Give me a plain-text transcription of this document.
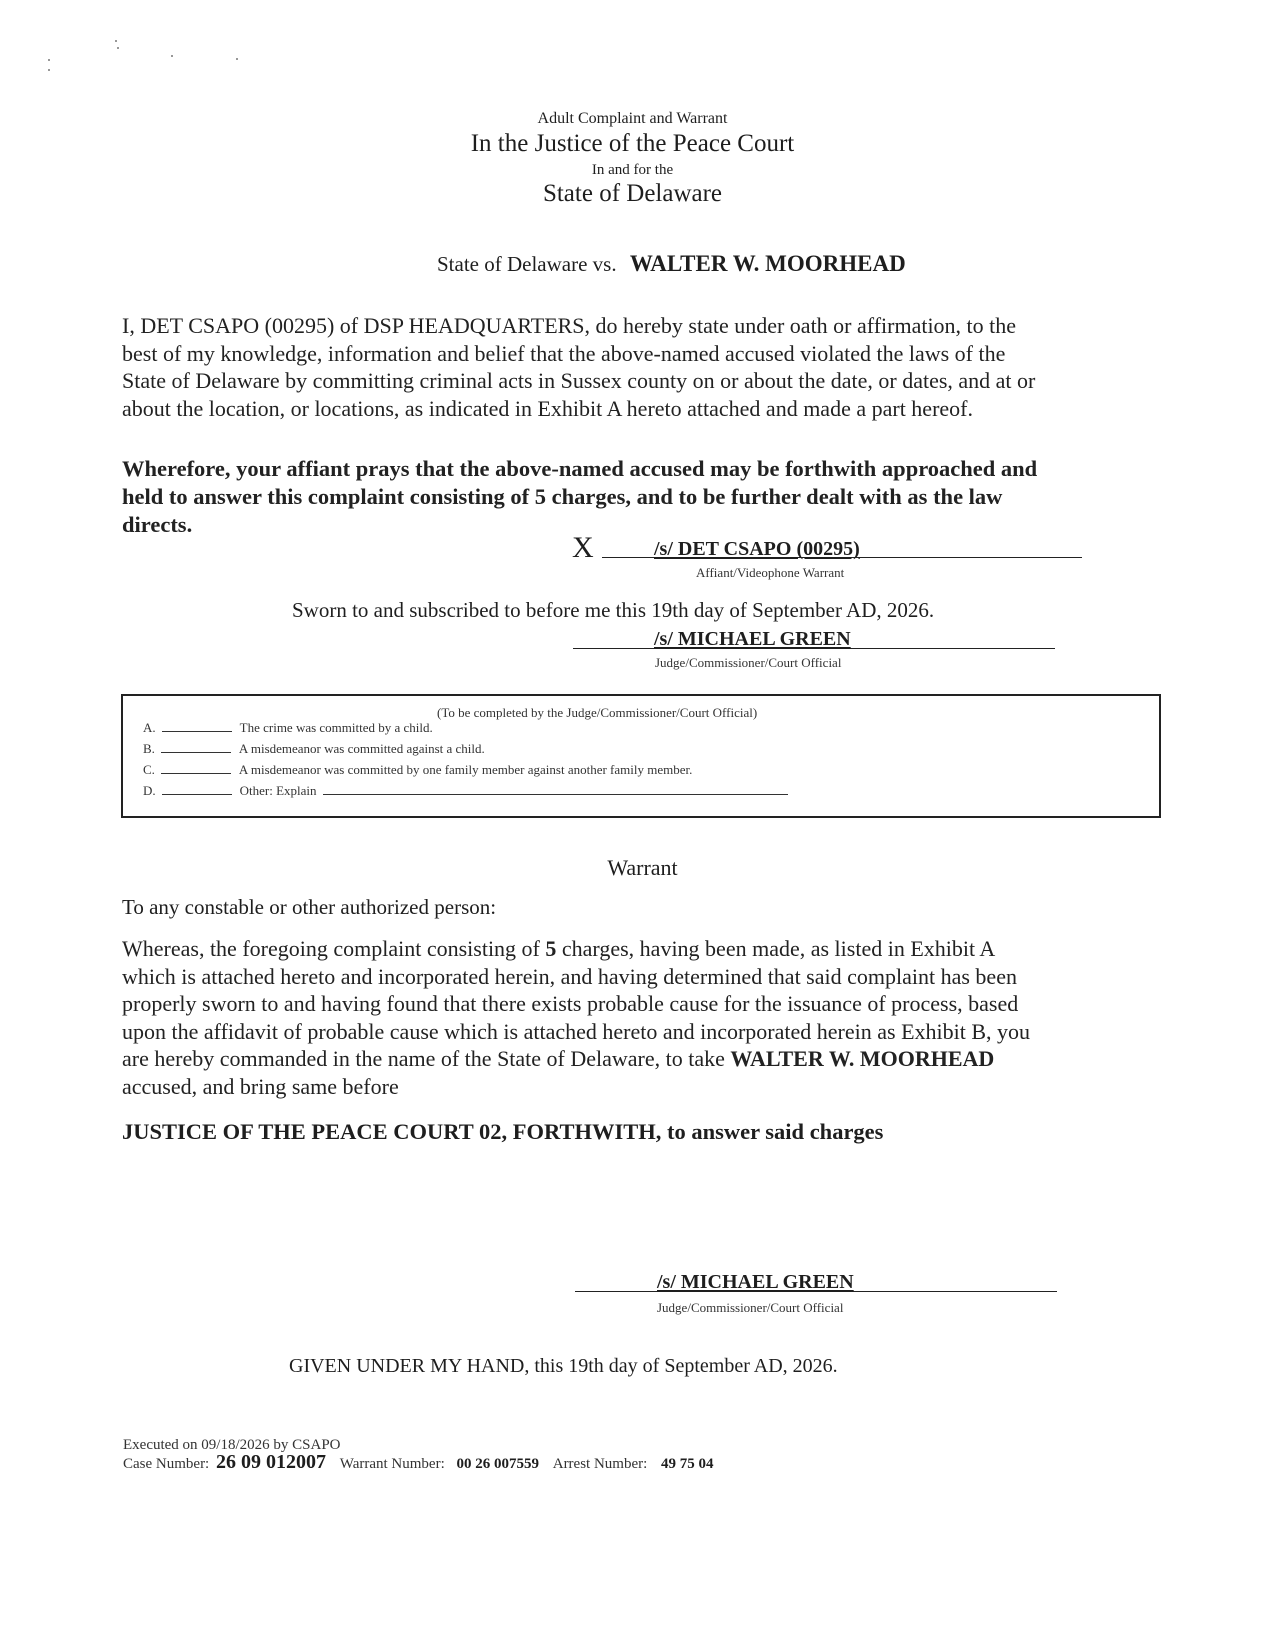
Adult Complaint and Warrant
In the Justice of the Peace Court
In and for the
State of Delaware
State of Delaware vs. WALTER W. MOORHEAD
I, DET CSAPO (00295) of DSP HEADQUARTERS, do hereby state under oath or affirmation, to the
best of my knowledge, information and belief that the above-named accused violated the laws of the
State of Delaware by committing criminal acts in Sussex county on or about the date, or dates, and at or
about the location, or locations, as indicated in Exhibit A hereto attached and made a part hereof.
Wherefore, your affiant prays that the above-named accused may be forthwith approached and
held to answer this complaint consisting of 5 charges, and to be further dealt with as the law
directs.
X	/s/ DET CSAPO (00295)
Affiant/Videophone Warrant
Sworn to and subscribed to before me this 19th day of September AD, 2026.
/s/ MICHAEL GREEN
Judge/Commissioner/Court Official
(To be completed by the Judge/Commissioner/Court Official)
A.	The crime was committed by a child.
B.	A misdemeanor was committed against a child.
C.	A misdemeanor was committed by one family member against another family member.
D.	Other: Explain
Warrant
To any constable or other authorized person:
Whereas, the foregoing complaint consisting of 5 charges, having been made, as listed in Exhibit A
which is attached hereto and incorporated herein, and having determined that said complaint has been
properly sworn to and having found that there exists probable cause for the issuance of process, based
upon the affidavit of probable cause which is attached hereto and incorporated herein as Exhibit B, you
are hereby commanded in the name of the State of Delaware, to take WALTER W. MOORHEAD
accused, and bring same before
JUSTICE OF THE PEACE COURT 02, FORTHWITH, to answer said charges
/s/ MICHAEL GREEN
Judge/Commissioner/Court Official
GIVEN UNDER MY HAND, this 19th day of September AD, 2026.
Executed on 09/18/2026 by CSAPO
Case Number: 26 09 012007 Warrant Number: 00 26 007559 Arrest Number: 49 75 04
